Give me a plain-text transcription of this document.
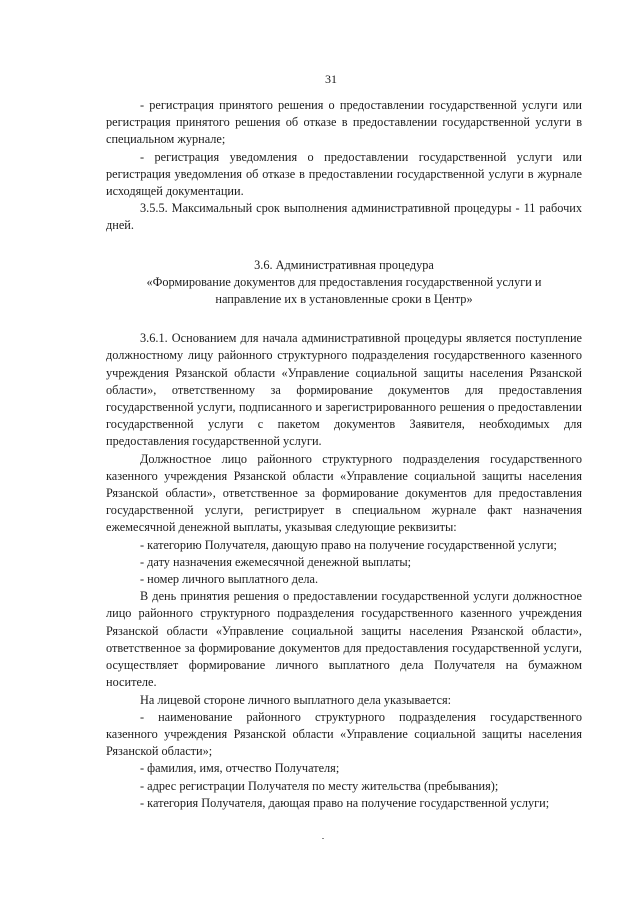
31

- регистрация принятого решения о предоставлении государственной услуги или регистрация принятого решения об отказе в предоставлении государственной услуги в специальном журнале;

- регистрация уведомления о предоставлении государственной услуги или регистрация уведомления об отказе в предоставлении государственной услуги в журнале исходящей документации.

3.5.5. Максимальный срок выполнения административной процедуры - 11 рабочих дней.

3.6. Административная процедура
«Формирование документов для предоставления государственной услуги и
направление их в установленные сроки в Центр»

3.6.1. Основанием для начала административной процедуры является поступление должностному лицу районного структурного подразделения государственного казенного учреждения Рязанской области «Управление социальной защиты населения Рязанской области», ответственному за формирование документов для предоставления государственной услуги, подписанного и зарегистрированного решения о предоставлении государственной услуги с пакетом документов Заявителя, необходимых для предоставления государственной услуги.

Должностное лицо районного структурного подразделения государственного казенного учреждения Рязанской области «Управление социальной защиты населения Рязанской области», ответственное за формирование документов для предоставления государственной услуги, регистрирует в специальном журнале факт назначения ежемесячной денежной выплаты, указывая следующие реквизиты:

- категорию Получателя, дающую право на получение государственной услуги;

- дату назначения ежемесячной денежной выплаты;

- номер личного выплатного дела.

В день принятия решения о предоставлении государственной услуги должностное лицо районного структурного подразделения государственного казенного учреждения Рязанской области «Управление социальной защиты населения Рязанской области», ответственное за формирование документов для предоставления государственной услуги, осуществляет формирование личного выплатного дела Получателя на бумажном носителе.

На лицевой стороне личного выплатного дела указывается:

- наименование районного структурного подразделения государственного казенного учреждения Рязанской области «Управление социальной защиты населения Рязанской области»;

- фамилия, имя, отчество Получателя;

- адрес регистрации Получателя по месту жительства (пребывания);

- категория Получателя, дающая право на получение государственной услуги;
